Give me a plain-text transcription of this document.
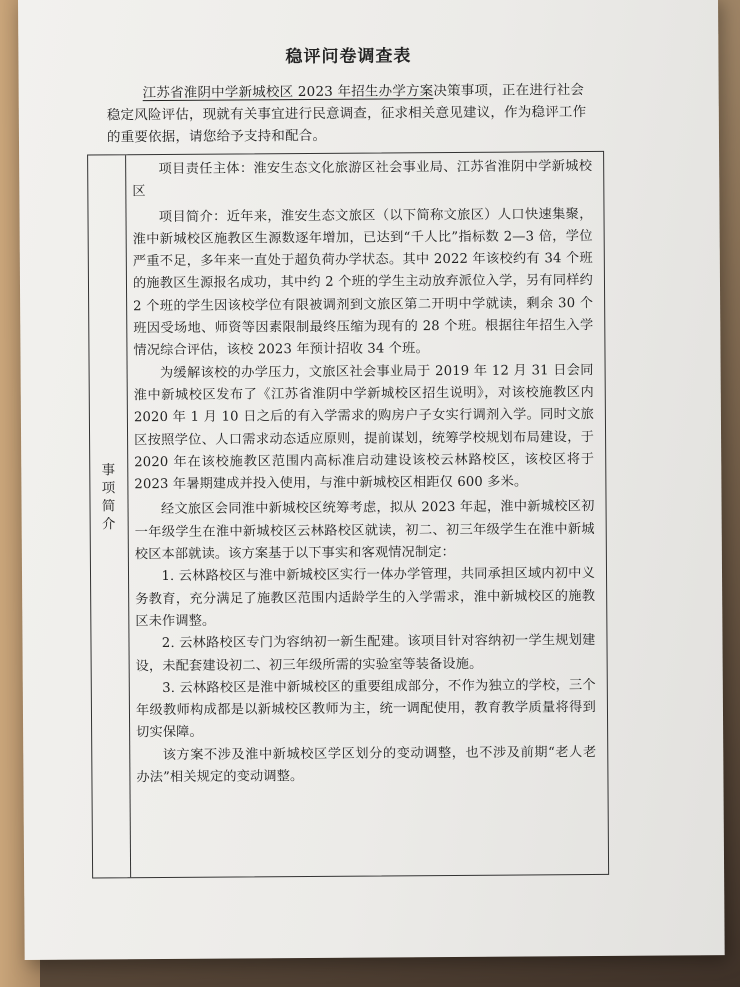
稳评问卷调查表
江苏省淮阴中学新城校区 2023 年招生办学方案决策事项，正在进行社会稳定风险评估，现就有关事宜进行民意调查，征求相关意见建议，作为稳评工作的重要依据，请您给予支持和配合。
事项简介

项目责任主体：淮安生态文化旅游区社会事业局、江苏省淮阴中学新城校区

项目简介：近年来，淮安生态文旅区（以下简称文旅区）人口快速集聚，淮中新城校区施教区生源数逐年增加，已达到“千人比”指标数 2—3 倍，学位严重不足，多年来一直处于超负荷办学状态。其中 2022 年该校约有 34 个班的施教区生源报名成功，其中约 2 个班的学生主动放弃派位入学，另有同样约 2 个班的学生因该校学位有限被调剂到文旅区第二开明中学就读，剩余 30 个班因受场地、师资等因素限制最终压缩为现有的 28 个班。根据往年招生入学情况综合评估，该校 2023 年预计招收 34 个班。

为缓解该校的办学压力，文旅区社会事业局于 2019 年 12 月 31 日会同淮中新城校区发布了《江苏省淮阴中学新城校区招生说明》，对该校施教区内 2020 年 1 月 10 日之后的有入学需求的购房户子女实行调剂入学。同时文旅区按照学位、人口需求动态适应原则，提前谋划，统筹学校规划布局建设，于 2020 年在该校施教区范围内高标准启动建设该校云林路校区，该校区将于 2023 年暑期建成并投入使用，与淮中新城校区相距仅 600 多米。

经文旅区会同淮中新城校区统筹考虑，拟从 2023 年起，淮中新城校区初一年级学生在淮中新城校区云林路校区就读，初二、初三年级学生在淮中新城校区本部就读。该方案基于以下事实和客观情况制定：

1. 云林路校区与淮中新城校区实行一体办学管理，共同承担区域内初中义务教育，充分满足了施教区范围内适龄学生的入学需求，淮中新城校区的施教区未作调整。

2. 云林路校区专门为容纳初一新生配建。该项目针对容纳初一学生规划建设，未配套建设初二、初三年级所需的实验室等装备设施。

3. 云林路校区是淮中新城校区的重要组成部分，不作为独立的学校，三个年级教师构成都是以新城校区教师为主，统一调配使用，教育教学质量将得到切实保障。

该方案不涉及淮中新城校区学区划分的变动调整，也不涉及前期“老人老办法”相关规定的变动调整。
